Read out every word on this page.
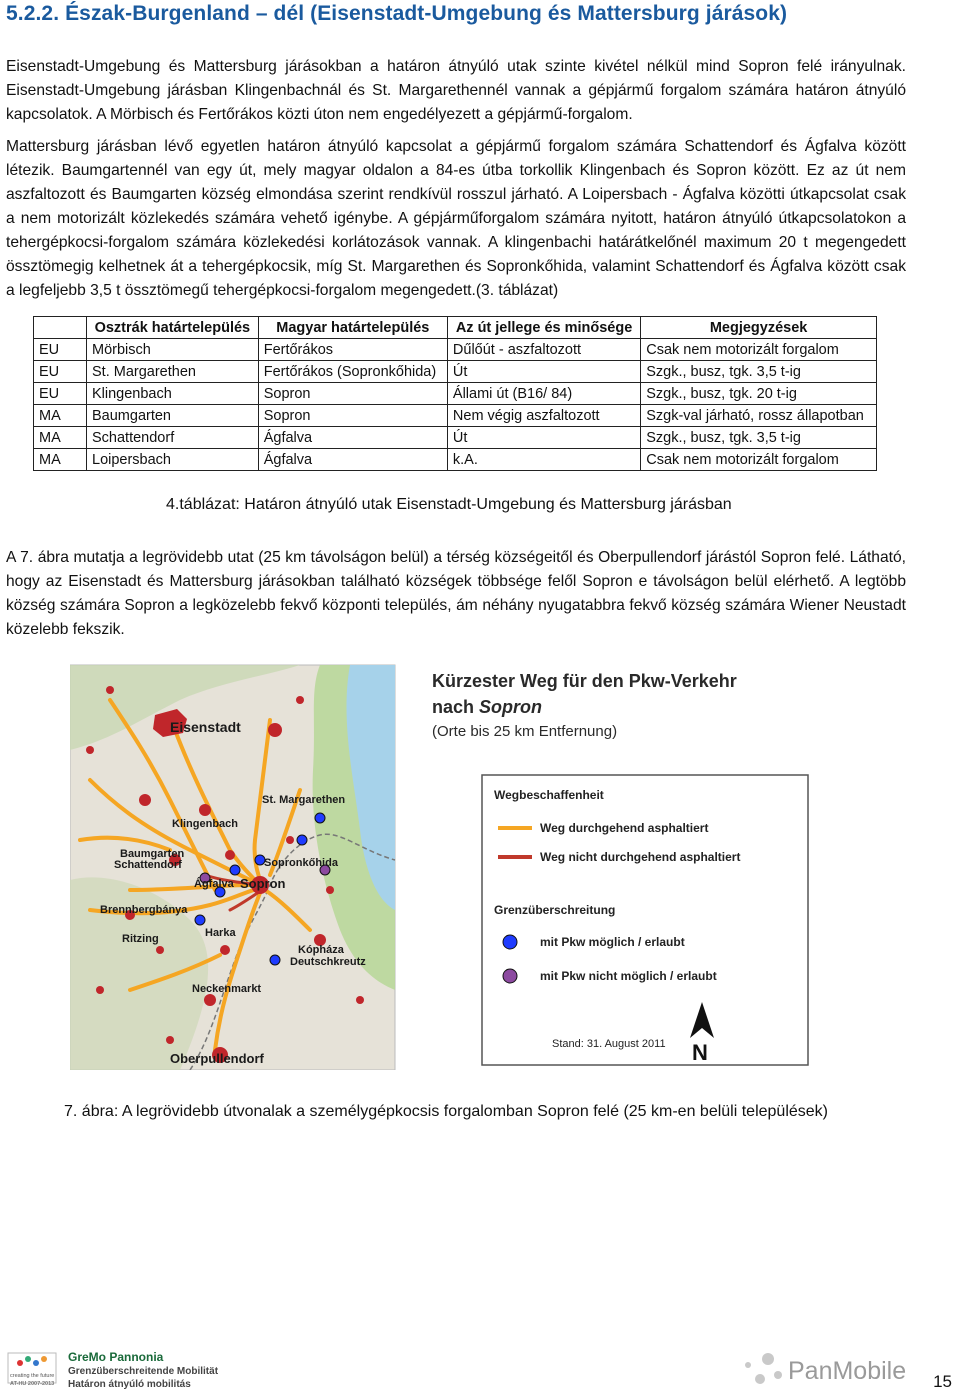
5.2.2. Észak-Burgenland – dél (Eisenstadt-Umgebung és Mattersburg járások)

Eisenstadt-Umgebung és Mattersburg járásokban a határon átnyúló utak szinte kivétel nélkül mind Sopron felé irányulnak. Eisenstadt-Umgebung járásban Klingenbachnál és St. Margarethennél vannak a gépjármű forgalom számára határon átnyúló kapcsolatok. A Mörbisch és Fertőrákos közti úton nem engedélyezett a gépjármű-forgalom.

Mattersburg járásban lévő egyetlen határon átnyúló kapcsolat a gépjármű forgalom számára Schattendorf és Ágfalva között létezik. Baumgartennél van egy út, mely magyar oldalon a 84-es útba torkollik Klingenbach és Sopron között. Ez az út nem aszfaltozott és Baumgarten község elmondása szerint rendkívül rosszul járható. A Loipersbach - Ágfalva közötti útkapcsolat csak a nem motorizált közlekedés számára vehető igénybe. A gépjárműforgalom számára nyitott, határon átnyúló útkapcsolatokon a tehergépkocsi-forgalom számára közlekedési korlátozások vannak. A klingenbachi határátkelőnél maximum 20 t megengedett össztömegig kelhetnek át a tehergépkocsik, míg St. Margarethen és Sopronkőhida, valamint Schattendorf és Ágfalva között csak a legfeljebb 3,5 t össztömegű tehergépkocsi-forgalom megengedett.(3. táblázat)

	Osztrák határtelepülés	Magyar határtelepülés	Az út jellege és minősége	Megjegyzések
EU	Mörbisch	Fertőrákos	Dűlőút - aszfaltozott	Csak nem motorizált forgalom
EU	St. Margarethen	Fertőrákos (Sopronkőhida)	Út	Szgk., busz, tgk. 3,5 t-ig
EU	Klingenbach	Sopron	Állami út (B16/ 84)	Szgk., busz, tgk. 20 t-ig
MA	Baumgarten	Sopron	Nem végig aszfaltozott	Szgk-val járható, rossz állapotban
MA	Schattendorf	Ágfalva	Út	Szgk., busz, tgk. 3,5 t-ig
MA	Loipersbach	Ágfalva	k.A.	Csak nem motorizált forgalom

4.táblázat: Határon átnyúló utak Eisenstadt-Umgebung és Mattersburg járásban

A 7. ábra mutatja a legrövidebb utat (25 km távolságon belül) a térség községeitől és Oberpullendorf járástól Sopron felé. Látható, hogy az Eisenstadt és Mattersburg járásokban található községek többsége felől Sopron e távolságon belül elérhető. A legtöbb község számára Sopron a legközelebb fekvő központi település, ám néhány nyugatabbra fekvő község számára Wiener Neustadt közelebb fekszik.

Eisenstadt
St. Margarethen
Klingenbach
Baumgarten
Schattendorf	Sopronkőhida
Ágfalva Sopron
Brennbergbánya
Ritzing	Harka
Kópháza
Deutschkreutz
Neckenmarkt
Oberpullendorf
Kürzester Weg für den Pkw-Verkehr
nach Sopron
(Orte bis 25 km Entfernung)
Wegbeschaffenheit
Weg durchgehend asphaltiert
Weg nicht durchgehend asphaltiert
Grenzüberschreitung
mit Pkw möglich / erlaubt
mit Pkw nicht möglich / erlaubt
Stand: 31. August 2011 N

7. ábra: A legrövidebb útvonalak a személygépkocsis forgalomban Sopron felé (25 km-en belüli települések)

creating the future
AT-HU 2007-2013
GreMo Pannonia
Grenzüberschreitende Mobilität
Határon átnyúló mobilitás	PanMobile 15
